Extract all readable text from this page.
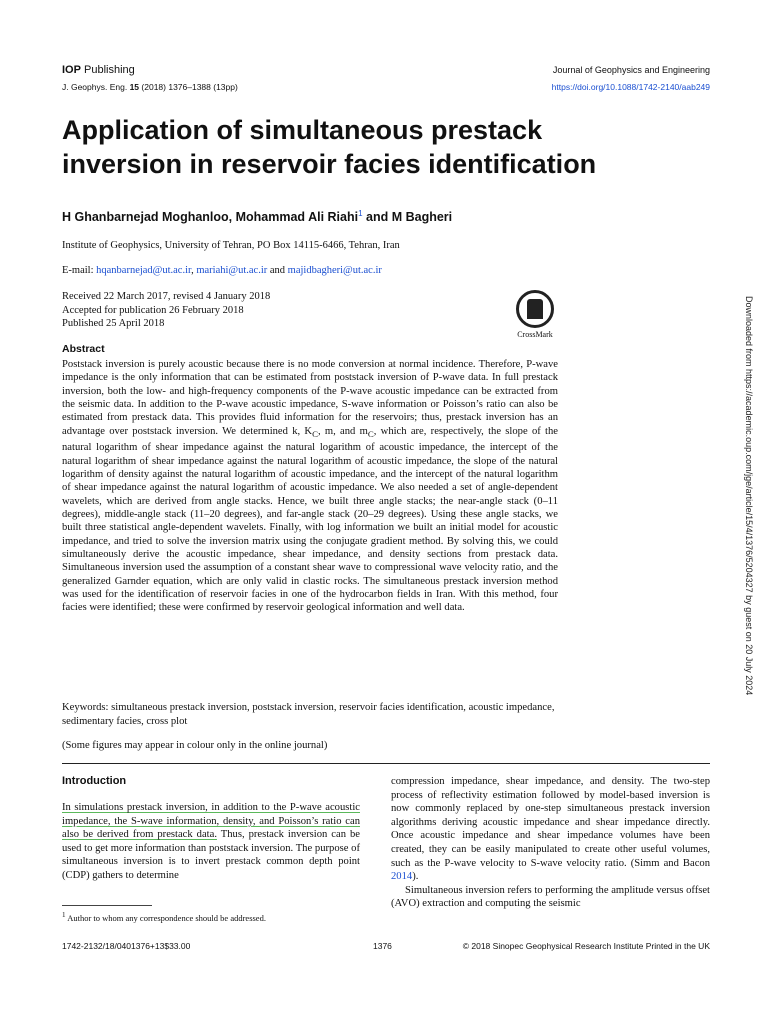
IOP Publishing	Journal of Geophysics and Engineering
J. Geophys. Eng. 15 (2018) 1376–1388 (13pp)	https://doi.org/10.1088/1742-2140/aab249
Application of simultaneous prestack
inversion in reservoir facies identification
H Ghanbarnejad Moghanloo, Mohammad Ali Riahi$^1$ and M Bagheri
Institute of Geophysics, University of Tehran, PO Box 14115-6466, Tehran, Iran
E-mail: hqanbarnejad@ut.ac.ir, mariahi@ut.ac.ir and majidbagheri@ut.ac.ir
Received 22 March 2017, revised 4 January 2018
Accepted for publication 26 February 2018
Published 25 April 2018
CrossMark
Abstract
Poststack inversion is purely acoustic because there is no mode conversion at normal incidence. Therefore, P-wave impedance is the only information that can be estimated from poststack inversion of P-wave data. In full prestack inversion, both the low- and high-frequency components of the P-wave acoustic impedance can be extracted from the seismic data. In addition to the P-wave acoustic impedance, S-wave information or Poisson’s ratio can also be estimated from prestack data. This provides fluid information for the reservoirs; thus, prestack inversion has an advantage over poststack inversion. We determined k, $K_C$, m, and $m_C$, which are, respectively, the slope of the natural logarithm of shear impedance against the natural logarithm of acoustic impedance, the intercept of the natural logarithm of shear impedance against the natural logarithm of acoustic impedance, the slope of the natural logarithm of density against the natural logarithm of acoustic impedance, and the intercept of the natural logarithm of shear impedance against the natural logarithm of acoustic impedance. We also needed a set of angle-dependent wavelets, which are derived from angle stacks. Hence, we built three angle stacks; the near-angle stack (0–11 degrees), middle-angle stack (11–20 degrees), and far-angle stack (20–29 degrees). Using these angle stacks, we built three statistical angle-dependent wavelets. Finally, with log information we built an initial model for acoustic impedance, and tried to solve the inversion matrix using the conjugate gradient method. By solving this, we could simultaneously derive the acoustic impedance, shear impedance, and density sections from prestack data. Simultaneous inversion used the assumption of a constant shear wave to compressional wave velocity ratio, and the generalized Garnder equation, which are only valid in clastic rocks. The simultaneous prestack inversion method was used for the identification of reservoir facies in one of the hydrocarbon fields in Iran. With this method, four facies were identified; these were confirmed by reservoir geological information and well data.
Keywords: simultaneous prestack inversion, poststack inversion, reservoir facies identification, acoustic impedance, sedimentary facies, cross plot
(Some figures may appear in colour only in the online journal)
Introduction
In simulations prestack inversion, in addition to the P-wave acoustic impedance, the S-wave information, density, and Poisson’s ratio can also be derived from prestack data. Thus, prestack inversion can be used to get more information than poststack inversion. The purpose of simultaneous inversion is to invert prestack common depth point (CDP) gathers to determine
compression impedance, shear impedance, and density. The two-step process of reflectivity estimation followed by model-based inversion is now commonly replaced by one-step simultaneous prestack inversion algorithms deriving acoustic impedance and shear impedance directly. Once acoustic impedance and shear impedance volumes have been created, they can be easily manipulated to create other useful volumes, such as the P-wave velocity to S-wave velocity ratio. (Simm and Bacon 2014).
Simultaneous inversion refers to performing the amplitude versus offset (AVO) extraction and computing the seismic
$^1$ Author to whom any correspondence should be addressed.
1742-2132/18/0401376+13$33.00	1376	© 2018 Sinopec Geophysical Research Institute Printed in the UK
Downloaded from https://academic.oup.com/jge/article/15/4/1376/5204327 by guest on 20 July 2024
